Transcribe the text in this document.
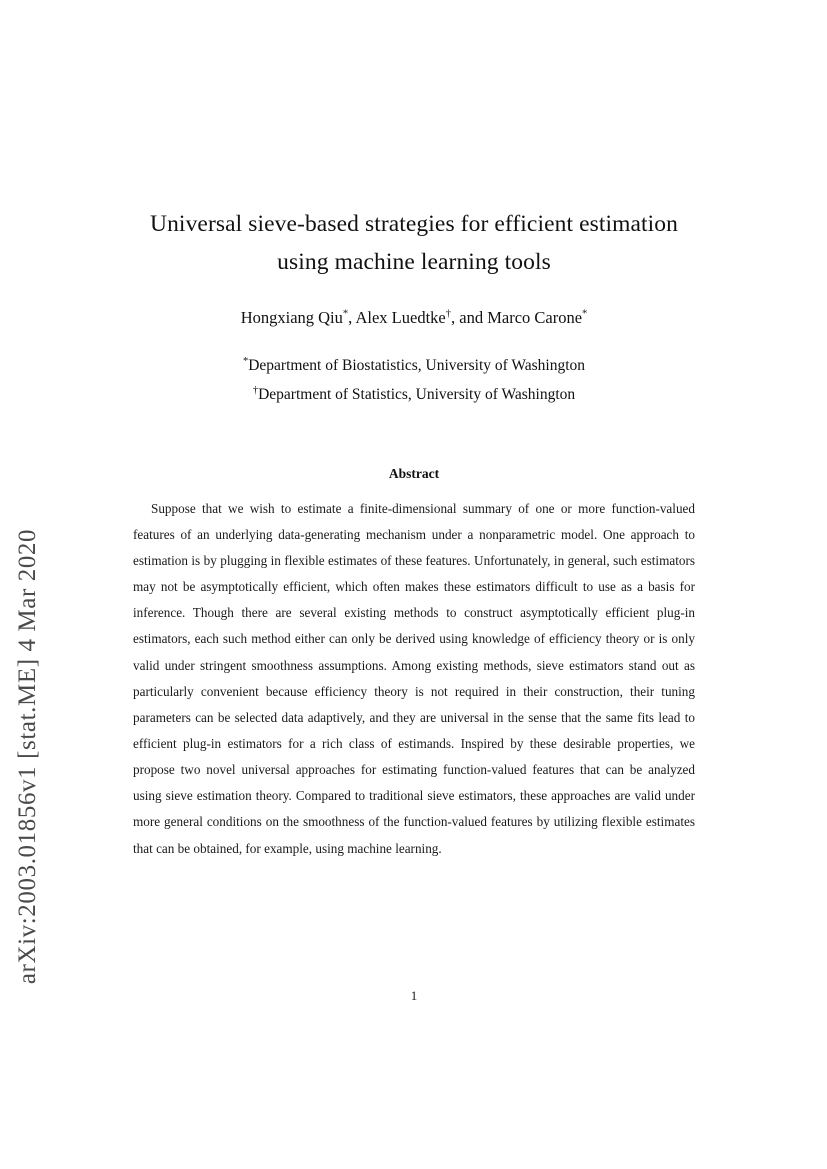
arXiv:2003.01856v1 [stat.ME] 4 Mar 2020
Universal sieve-based strategies for efficient estimation
using machine learning tools
Hongxiang Qiu*, Alex Luedtke†, and Marco Carone*
*Department of Biostatistics, University of Washington
†Department of Statistics, University of Washington
Abstract
Suppose that we wish to estimate a finite-dimensional summary of one or more function-valued features of an underlying data-generating mechanism under a nonparametric model. One approach to estimation is by plugging in flexible estimates of these features. Unfortunately, in general, such estimators may not be asymptotically efficient, which often makes these estimators difficult to use as a basis for inference. Though there are several existing methods to construct asymptotically efficient plug-in estimators, each such method either can only be derived using knowledge of efficiency theory or is only valid under stringent smoothness assumptions. Among existing methods, sieve estimators stand out as particularly convenient because efficiency theory is not required in their construction, their tuning parameters can be selected data adaptively, and they are universal in the sense that the same fits lead to efficient plug-in estimators for a rich class of estimands. Inspired by these desirable properties, we propose two novel universal approaches for estimating function-valued features that can be analyzed using sieve estimation theory. Compared to traditional sieve estimators, these approaches are valid under more general conditions on the smoothness of the function-valued features by utilizing flexible estimates that can be obtained, for example, using machine learning.
1
